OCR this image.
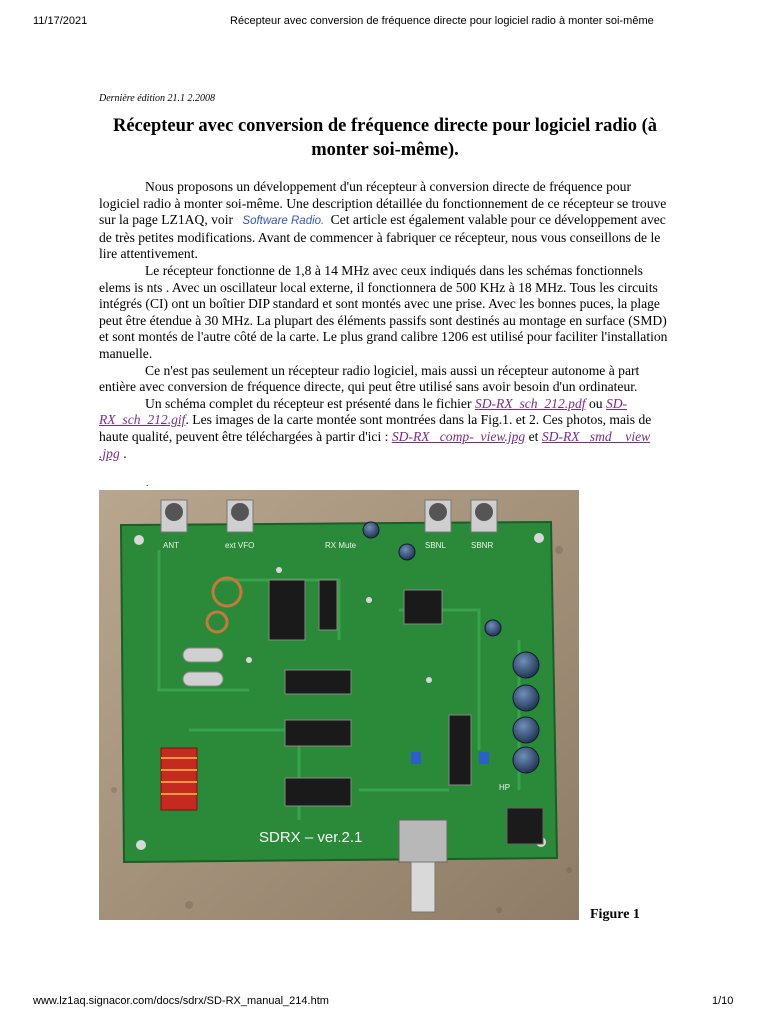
11/17/2021	Récepteur avec conversion de fréquence directe pour logiciel radio à monter soi-même
Dernière édition 21.1 2.2008
Récepteur avec conversion de fréquence directe pour logiciel radio (à monter soi-même).

Nous proposons un développement d'un récepteur à conversion directe de fréquence pour logiciel radio à monter soi-même. Une description détaillée du fonctionnement de ce récepteur se trouve sur la page LZ1AQ, voir Software Radio. Cet article est également valable pour ce développement avec de très petites modifications. Avant de commencer à fabriquer ce récepteur, nous vous conseillons de le lire attentivement.

Le récepteur fonctionne de 1,8 à 14 MHz avec ceux indiqués dans les schémas fonctionnels elems is nts . Avec un oscillateur local externe, il fonctionnera de 500 KHz à 18 MHz. Tous les circuits intégrés (CI) ont un boîtier DIP standard et sont montés avec une prise. Avec les bonnes puces, la plage peut être étendue à 30 MHz. La plupart des éléments passifs sont destinés au montage en surface (SMD) et sont montés de l'autre côté de la carte. Le plus grand calibre 1206 est utilisé pour faciliter l'installation manuelle.

Ce n'est pas seulement un récepteur radio logiciel, mais aussi un récepteur autonome à part entière avec conversion de fréquence directe, qui peut être utilisé sans avoir besoin d'un ordinateur.

Un schéma complet du récepteur est présenté dans le fichier SD-RX_sch_212.pdf ou SD-RX_sch_212.gif. Les images de la carte montée sont montrées dans la Fig.1. et 2. Ces photos, mais de haute qualité, peuvent être téléchargées à partir d'ici : SD-RX _comp-_view.jpg et SD-RX _smd _ view .jpg .

.
ANT	ext VFO	SBNL	SBNR
RX Mute
HP
SDRX – ver.2.1
Figure 1
www.lz1aq.signacor.com/docs/sdrx/SD-RX_manual_214.htm	1/10
